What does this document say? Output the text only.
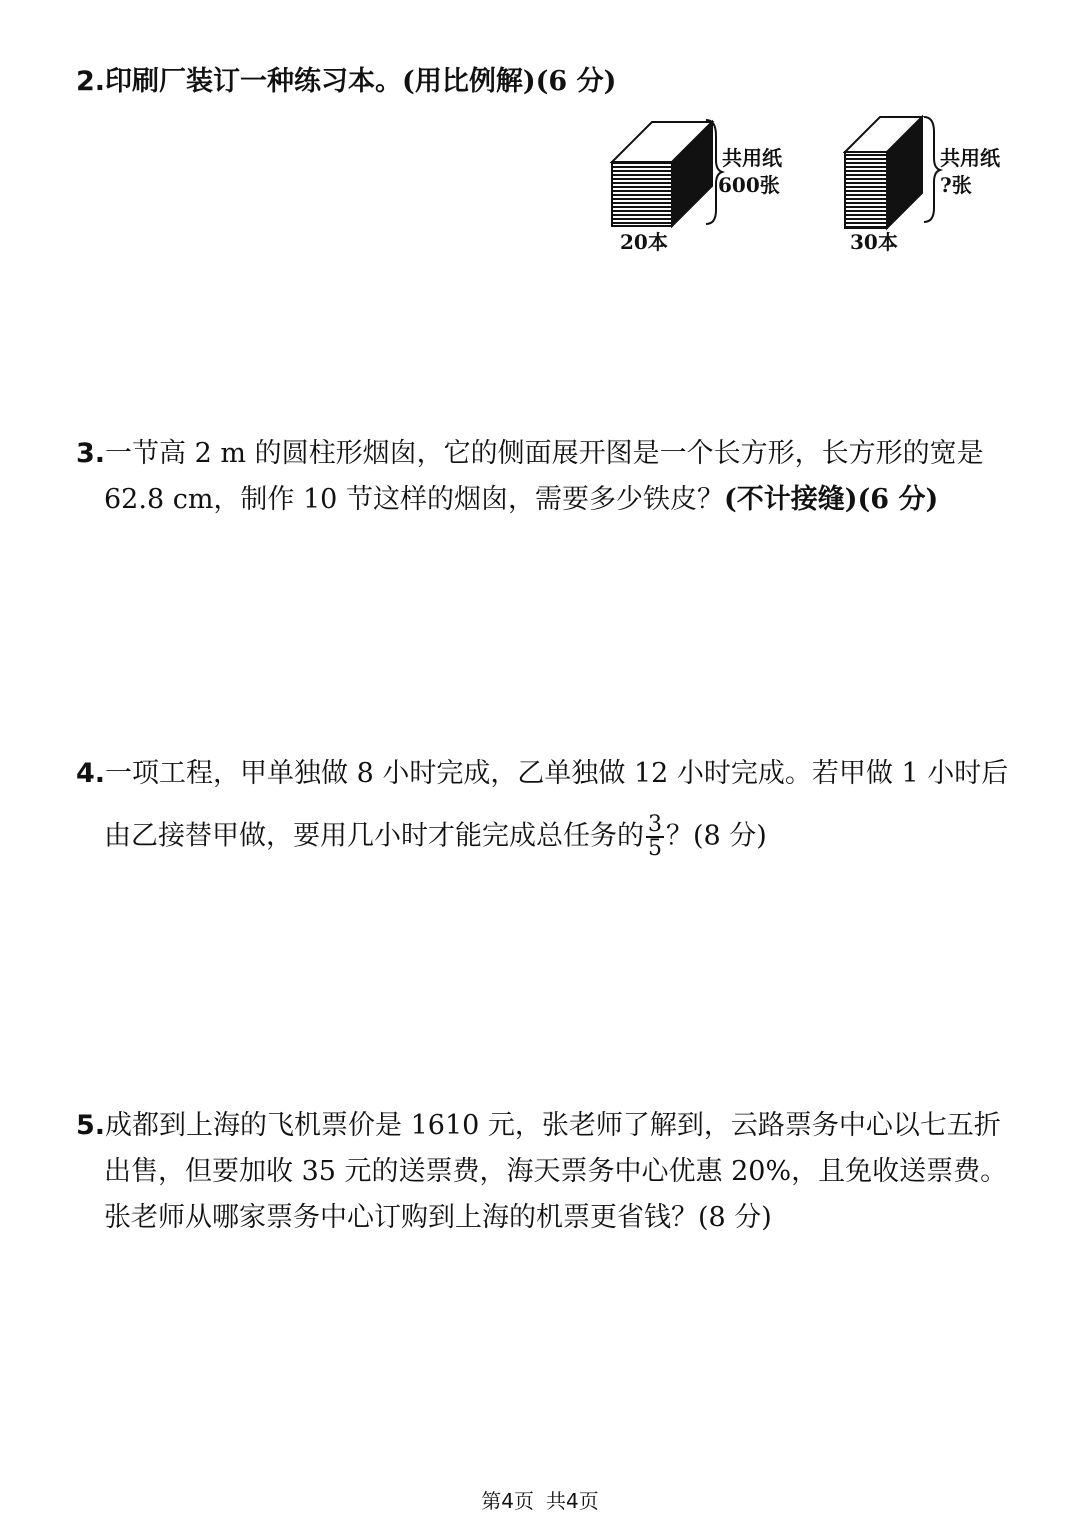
2.印刷厂装订一种练习本。(用比例解)(6 分)
20本
共用纸
600张
30本
共用纸
?张
3.一节高 2 m 的圆柱形烟囱，它的侧面展开图是一个长方形，长方形的宽是
62.8 cm，制作 10 节这样的烟囱，需要多少铁皮？(不计接缝)(6 分)
4.一项工程，甲单独做 8 小时完成，乙单独做 12 小时完成。若甲做 1 小时后
由乙接替甲做，要用几小时才能完成总任务的 $\frac{3}{5}$ ？(8 分)
5.成都到上海的飞机票价是 1610 元，张老师了解到，云路票务中心以七五折
出售，但要加收 35 元的送票费，海天票务中心优惠 20%，且免收送票费。
张老师从哪家票务中心订购到上海的机票更省钱？(8 分)
第4页 共4页
